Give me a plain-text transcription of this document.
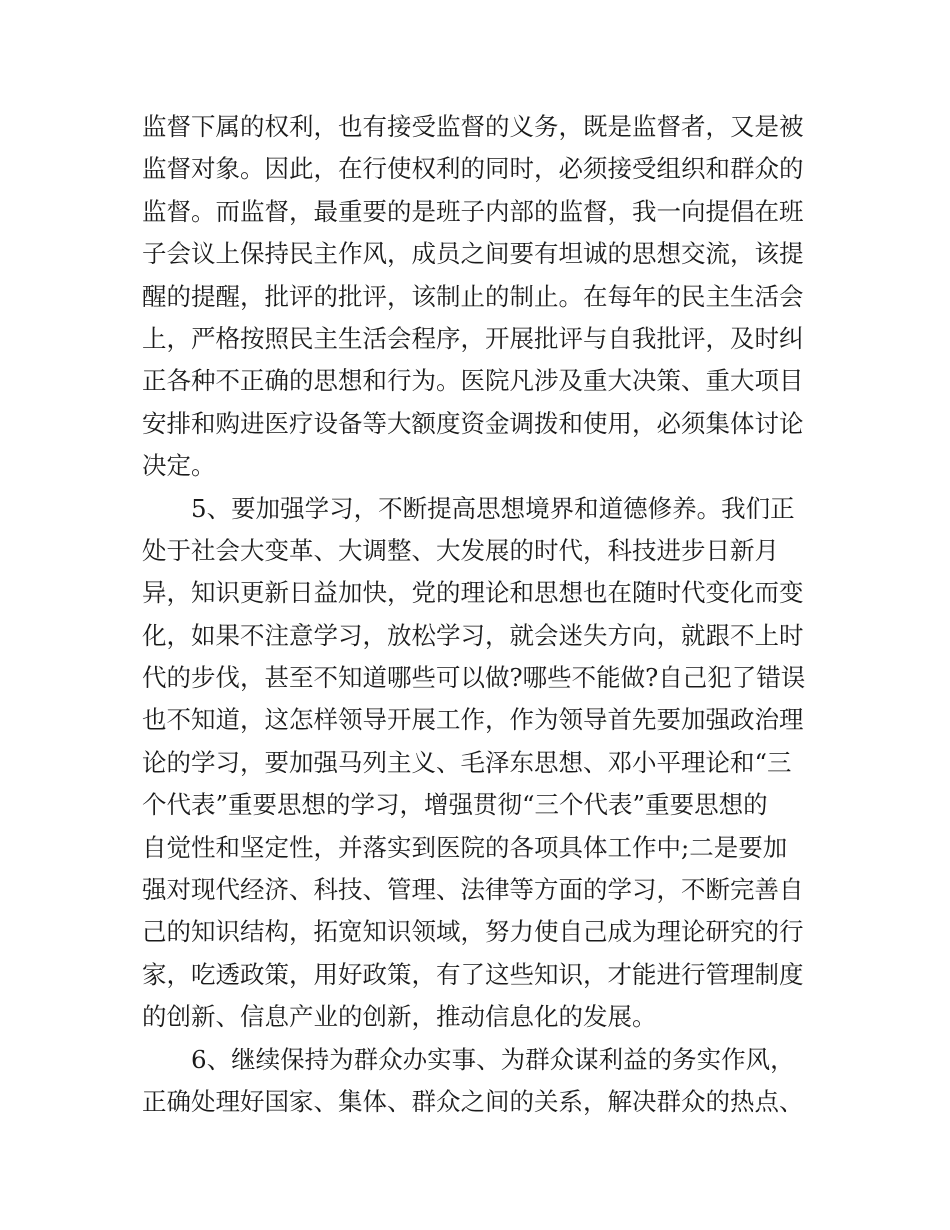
监督下属的权利，也有接受监督的义务，既是监督者，又是被
监督对象。因此，在行使权利的同时，必须接受组织和群众的
监督。而监督，最重要的是班子内部的监督，我一向提倡在班
子会议上保持民主作风，成员之间要有坦诚的思想交流，该提
醒的提醒，批评的批评，该制止的制止。在每年的民主生活会
上，严格按照民主生活会程序，开展批评与自我批评，及时纠
正各种不正确的思想和行为。医院凡涉及重大决策、重大项目
安排和购进医疗设备等大额度资金调拨和使用，必须集体讨论
决定。
5、要加强学习，不断提高思想境界和道德修养。我们正
处于社会大变革、大调整、大发展的时代，科技进步日新月
异，知识更新日益加快，党的理论和思想也在随时代变化而变
化，如果不注意学习，放松学习，就会迷失方向，就跟不上时
代的步伐，甚至不知道哪些可以做?哪些不能做?自己犯了错误
也不知道，这怎样领导开展工作，作为领导首先要加强政治理
论的学习，要加强马列主义、毛泽东思想、邓小平理论和“三
个代表”重要思想的学习，增强贯彻“三个代表”重要思想的
自觉性和坚定性，并落实到医院的各项具体工作中;二是要加
强对现代经济、科技、管理、法律等方面的学习，不断完善自
己的知识结构，拓宽知识领域，努力使自己成为理论研究的行
家，吃透政策，用好政策，有了这些知识，才能进行管理制度
的创新、信息产业的创新，推动信息化的发展。
6、继续保持为群众办实事、为群众谋利益的务实作风，
正确处理好国家、集体、群众之间的关系，解决群众的热点、
